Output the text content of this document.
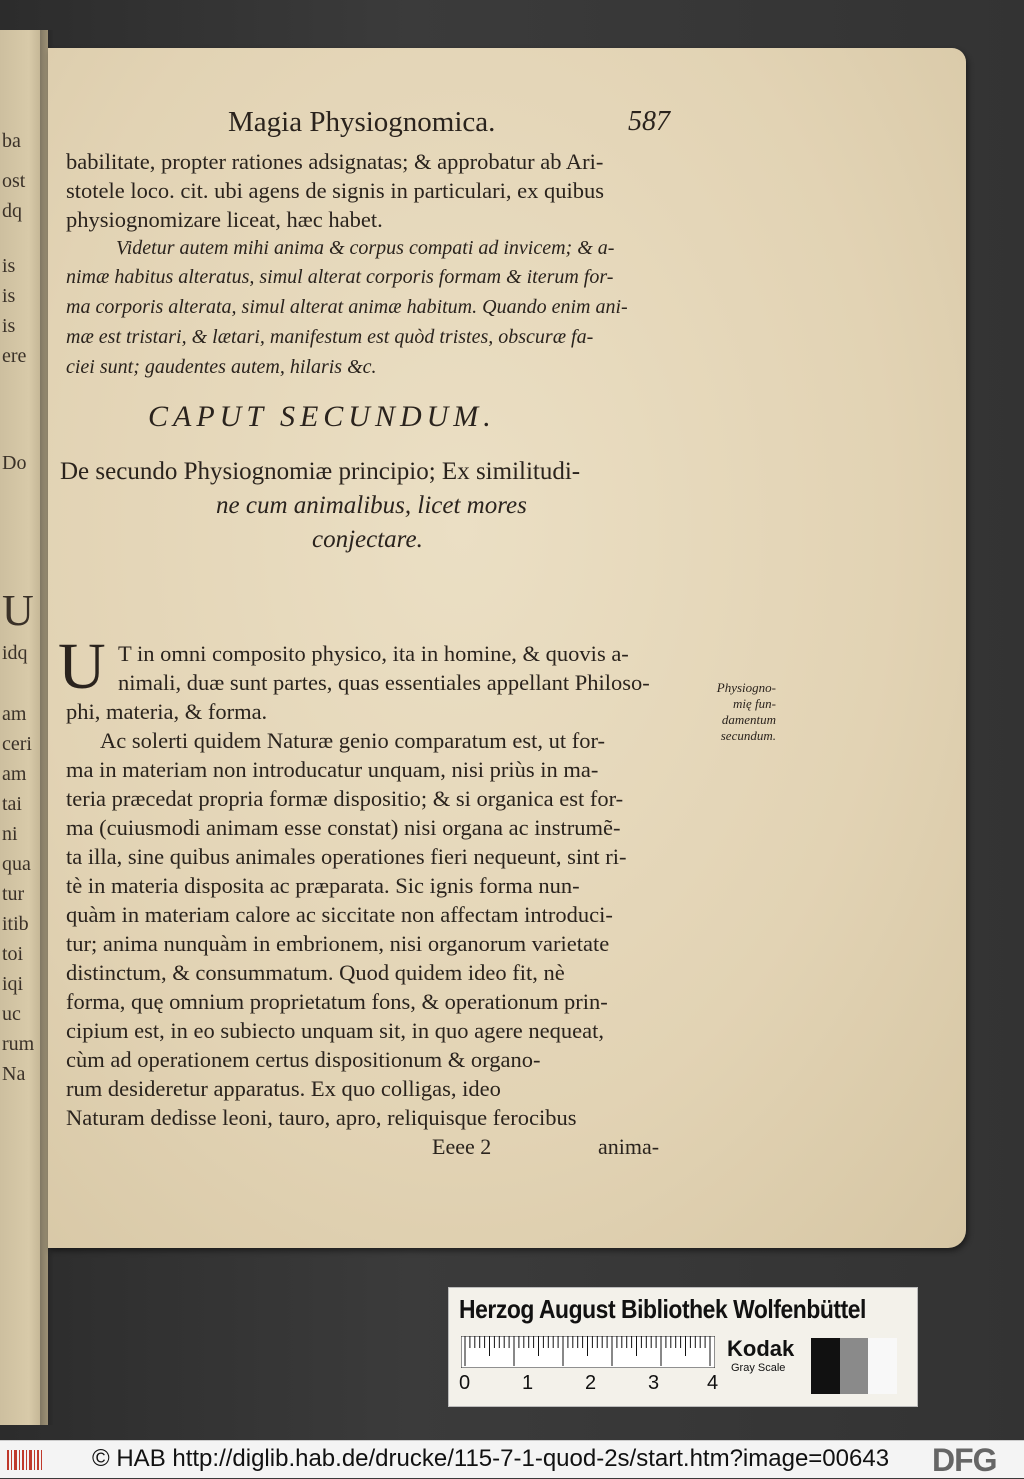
ba
ost
dq
is
is
is
ere
Do
U
idq
am
ceri
am
tai
ni
qua
tur
itib
toi
iqi
uc
rum
Na
Magia Physiognomica.	587
babilitate, propter rationes adsignatas; & approbatur ab Ari-
stotele loco. cit. ubi agens de signis in particulari, ex quibus
physiognomizare liceat, hæc habet.
Videtur autem mihi anima & corpus compati ad invicem; & a-
nimæ habitus alteratus, simul alterat corporis formam & iterum for-
ma corporis alterata, simul alterat animæ habitum. Quando enim ani-
mæ est tristari, & lætari, manifestum est quòd tristes, obscuræ fa-
ciei sunt; gaudentes autem, hilaris &c.
CAPUT SECUNDUM.
De secundo Physiognomiæ principio; Ex similitudi-
ne cum animalibus, licet mores
conjectare.
U T in omni composito physico, ita in homine, & quovis a-
nimali, duæ sunt partes, quas essentiales appellant Philoso-
phi, materia, & forma.
Ac solerti quidem Naturæ genio comparatum est, ut for-
ma in materiam non introducatur unquam, nisi priùs in ma-
teria præcedat propria formæ dispositio; & si organica est for-
ma (cuiusmodi animam esse constat) nisi organa ac instrumẽ-
ta illa, sine quibus animales operationes fieri nequeunt, sint ri-
tè in materia disposita ac præparata. Sic ignis forma nun-
quàm in materiam calore ac siccitate non affectam introduci-
tur; anima nunquàm in embrionem, nisi organorum varietate
distinctum, & consummatum. Quod quidem ideo fit, nè
forma, quę omnium proprietatum fons, & operationum prin-
cipium est, in eo subiecto unquam sit, in quo agere nequeat,
cùm ad operationem certus dispositionum & organo-
rum desideretur apparatus. Ex quo colligas, ideo
Naturam dedisse leoni, tauro, apro, reliquisque ferocibus
Eeee 2	anima-
Physiogno-
mię fun-
damentum
secundum.
Herzog August Bibliothek Wolfenbüttel
0	1	2	3 4
Kodak
Gray Scale
© HAB http://diglib.hab.de/drucke/115-7-1-quod-2s/start.htm?image=00643 DFG
